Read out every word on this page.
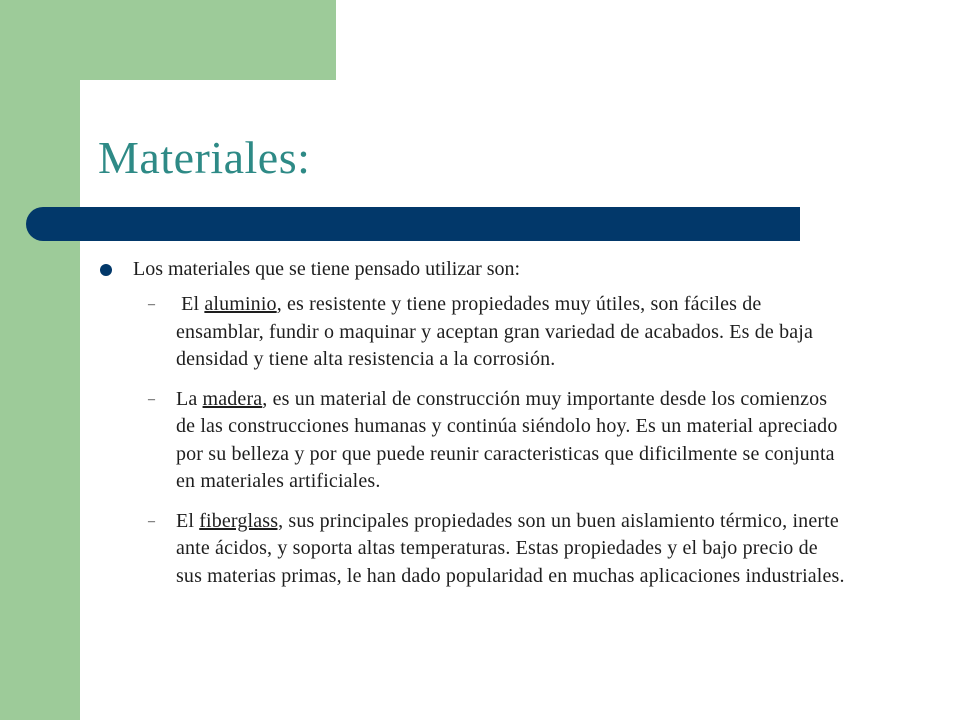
Materiales:
Los materiales que se tiene pensado utilizar son:
–	El aluminio, es resistente y tiene propiedades muy útiles, son fáciles de ensamblar, fundir o maquinar y aceptan gran variedad de acabados. Es de baja densidad y tiene alta resistencia a la corrosión.
–	La madera, es un material de construcción muy importante desde los comienzos de las construcciones humanas y continúa siéndolo hoy. Es un material apreciado por su belleza y por que puede reunir caracteristicas que dificilmente se conjunta en materiales artificiales.
–	El fiberglass, sus principales propiedades son un buen aislamiento térmico, inerte ante ácidos, y soporta altas temperaturas. Estas propiedades y el bajo precio de sus materias primas, le han dado popularidad en muchas aplicaciones industriales.
